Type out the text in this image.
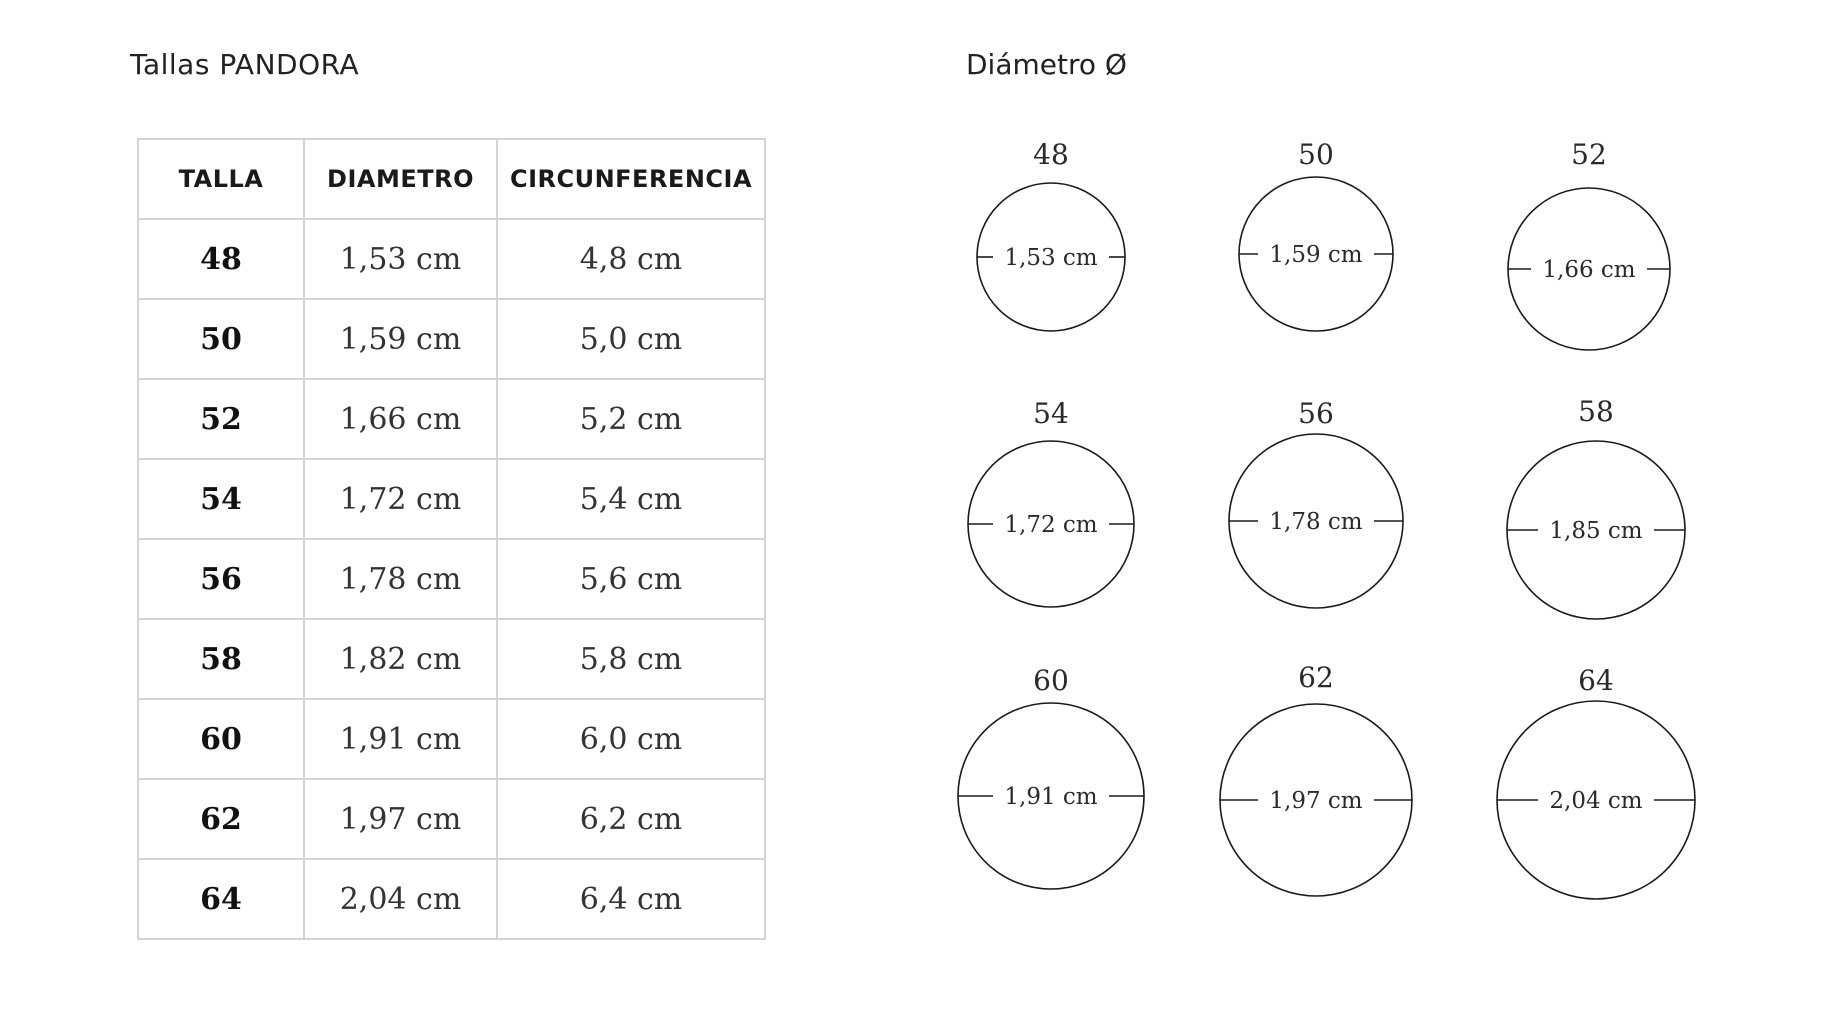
Tallas PANDORA	Diámetro Ø
TALLA	DIAMETRO	CIRCUNFERENCIA
48	1,53 cm	4,8 cm
50	1,59 cm	5,0 cm
52	1,66 cm	5,2 cm
54	1,72 cm	5,4 cm
56	1,78 cm	5,6 cm
58	1,82 cm	5,8 cm
60	1,91 cm	6,0 cm
62	1,97 cm	6,2 cm
64	2,04 cm	6,4 cm
48
1,53 cm
50
1,59 cm
52
1,66 cm
54
1,72 cm
56
1,78 cm
58
1,85 cm
60
1,91 cm
62
1,97 cm
64
2,04 cm
